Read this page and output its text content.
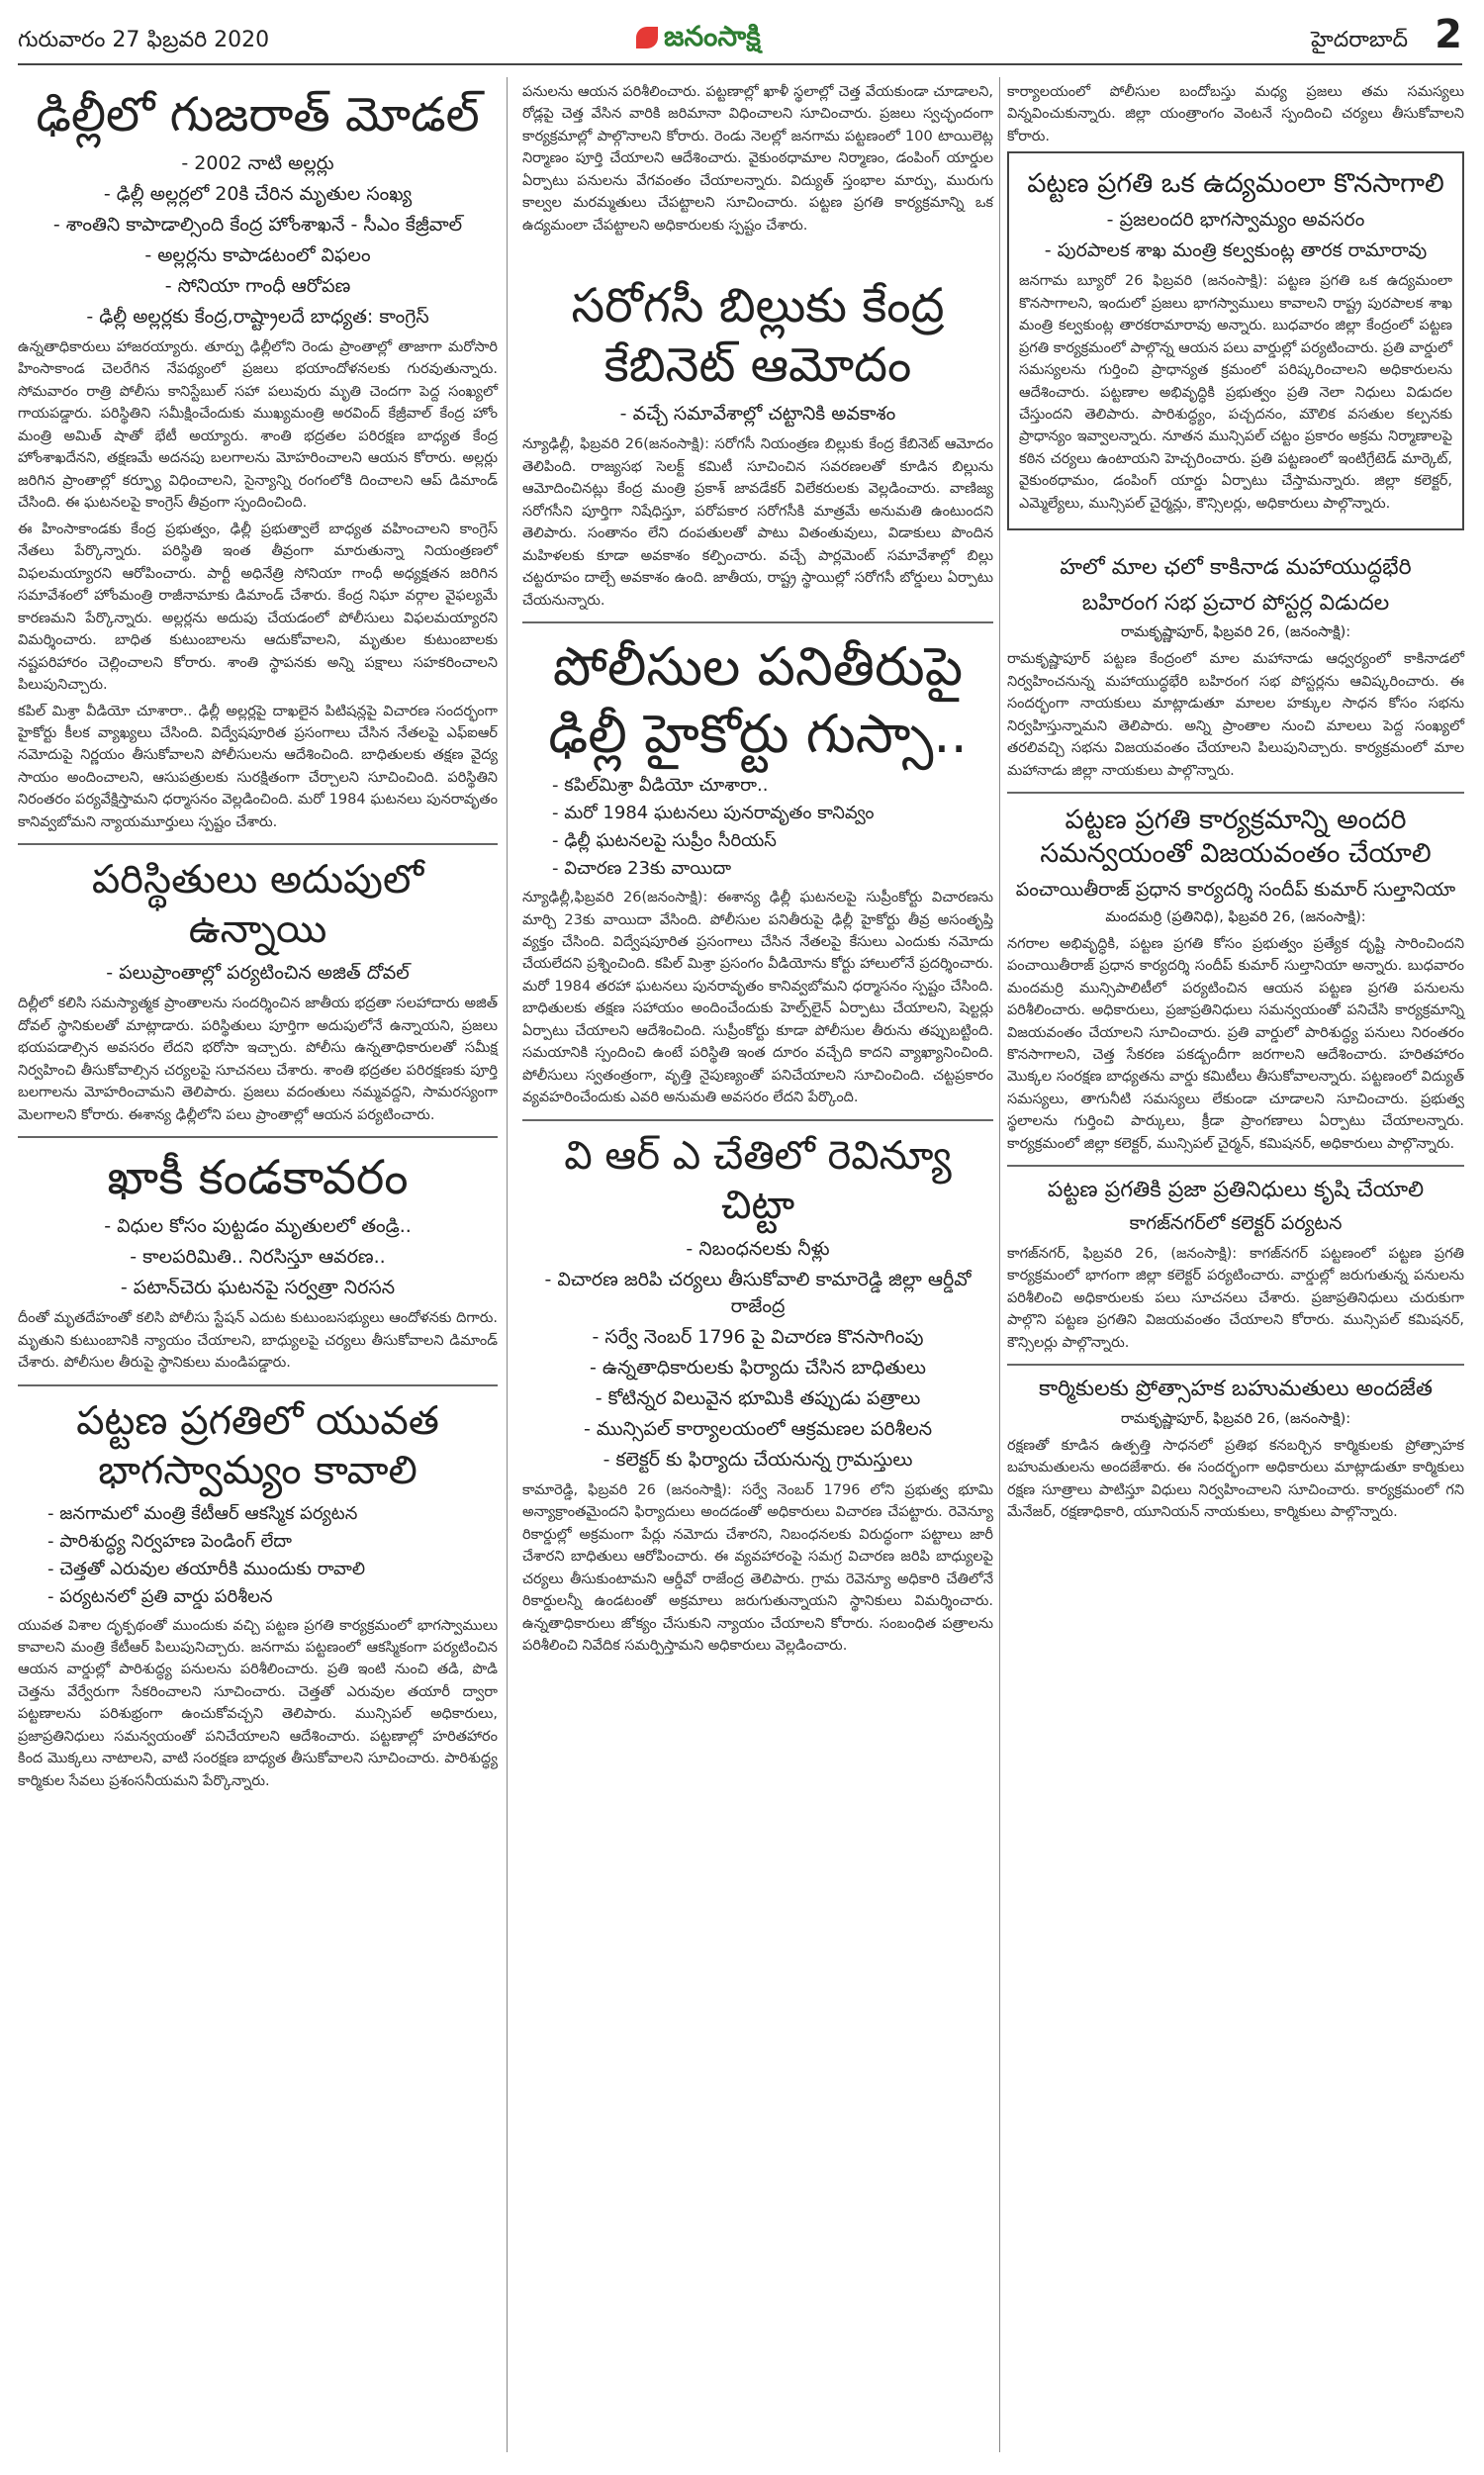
గురువారం 27 ఫిబ్రవరి 2020	జనంసాక్షి	హైదరాబాద్ 2
ఢిల్లీలో గుజరాత్ మోడల్
- 2002 నాటి అల్లర్లు
- ఢిల్లీ అల్లర్లలో 20కి చేరిన మృతుల సంఖ్య
- శాంతిని కాపాడాల్సింది కేంద్ర హోంశాఖనే - సీఎం కేజ్రీవాల్
- అల్లర్లను కాపాడటంలో విఫలం
- సోనియా గాంధీ ఆరోపణ
- ఢిల్లీ అల్లర్లకు కేంద్ర,రాష్ట్రాలదే బాధ్యత: కాంగ్రెస్

ఉన్నతాధికారులు హాజరయ్యారు. తూర్పు ఢిల్లీలోని రెండు ప్రాంతాల్లో తాజాగా మరోసారి హింసాకాండ చెలరేగిన నేపథ్యంలో ప్రజలు భయాందోళనలకు గురవుతున్నారు. సోమవారం రాత్రి పోలీసు కానిస్టేబుల్ సహా పలువురు మృతి చెందగా పెద్ద సంఖ్యలో గాయపడ్డారు. పరిస్థితిని సమీక్షించేందుకు ముఖ్యమంత్రి అరవింద్ కేజ్రీవాల్ కేంద్ర హోం మంత్రి అమిత్ షాతో భేటీ అయ్యారు. శాంతి భద్రతల పరిరక్షణ బాధ్యత కేంద్ర హోంశాఖదేనని, తక్షణమే అదనపు బలగాలను మోహరించాలని ఆయన కోరారు. అల్లర్లు జరిగిన ప్రాంతాల్లో కర్ఫ్యూ విధించాలని, సైన్యాన్ని రంగంలోకి దించాలని ఆప్ డిమాండ్ చేసింది. ఈ ఘటనలపై కాంగ్రెస్ తీవ్రంగా స్పందించింది.

ఈ హింసాకాండకు కేంద్ర ప్రభుత్వం, ఢిల్లీ ప్రభుత్వాలే బాధ్యత వహించాలని కాంగ్రెస్ నేతలు పేర్కొన్నారు. పరిస్థితి ఇంత తీవ్రంగా మారుతున్నా నియంత్రణలో విఫలమయ్యారని ఆరోపించారు. పార్టీ అధినేత్రి సోనియా గాంధీ అధ్యక్షతన జరిగిన సమావేశంలో హోంమంత్రి రాజీనామాకు డిమాండ్ చేశారు. కేంద్ర నిఘా వర్గాల వైఫల్యమే కారణమని పేర్కొన్నారు. అల్లర్లను అదుపు చేయడంలో పోలీసులు విఫలమయ్యారని విమర్శించారు. బాధిత కుటుంబాలను ఆదుకోవాలని, మృతుల కుటుంబాలకు నష్టపరిహారం చెల్లించాలని కోరారు. శాంతి స్థాపనకు అన్ని పక్షాలు సహకరించాలని పిలుపునిచ్చారు.

కపిల్ మిశ్రా వీడియో చూశారా.. ఢిల్లీ అల్లర్లపై దాఖలైన పిటిషన్లపై విచారణ సందర్భంగా హైకోర్టు కీలక వ్యాఖ్యలు చేసింది. విద్వేషపూరిత ప్రసంగాలు చేసిన నేతలపై ఎఫ్ఐఆర్ నమోదుపై నిర్ణయం తీసుకోవాలని పోలీసులను ఆదేశించింది. బాధితులకు తక్షణ వైద్య సాయం అందించాలని, ఆసుపత్రులకు సురక్షితంగా చేర్చాలని సూచించింది. పరిస్థితిని నిరంతరం పర్యవేక్షిస్తామని ధర్మాసనం వెల్లడించింది. మరో 1984 ఘటనలు పునరావృతం కానివ్వబోమని న్యాయమూర్తులు స్పష్టం చేశారు.

పరిస్థితులు అదుపులో ఉన్నాయి
- పలుప్రాంతాల్లో పర్యటించిన అజిత్ దోవల్

దిల్లీలో కలిసి సమస్యాత్మక ప్రాంతాలను సందర్శించిన జాతీయ భద్రతా సలహాదారు అజిత్ దోవల్ స్థానికులతో మాట్లాడారు. పరిస్థితులు పూర్తిగా అదుపులోనే ఉన్నాయని, ప్రజలు భయపడాల్సిన అవసరం లేదని భరోసా ఇచ్చారు. పోలీసు ఉన్నతాధికారులతో సమీక్ష నిర్వహించి తీసుకోవాల్సిన చర్యలపై సూచనలు చేశారు. శాంతి భద్రతల పరిరక్షణకు పూర్తి బలగాలను మోహరించామని తెలిపారు. ప్రజలు వదంతులు నమ్మవద్దని, సామరస్యంగా మెలగాలని కోరారు. ఈశాన్య ఢిల్లీలోని పలు ప్రాంతాల్లో ఆయన పర్యటించారు.

ఖాకీ కండకావరం
- విధుల కోసం పుట్టడం మృతులలో తండ్రి..
- కాలపరిమితి.. నిరసిస్తూ ఆవరణ..
- పటాన్‌చెరు ఘటనపై సర్వత్రా నిరసన

దీంతో మృతదేహంతో కలిసి పోలీసు స్టేషన్ ఎదుట కుటుంబసభ్యులు ఆందోళనకు దిగారు. మృతుని కుటుంబానికి న్యాయం చేయాలని, బాధ్యులపై చర్యలు తీసుకోవాలని డిమాండ్ చేశారు. పోలీసుల తీరుపై స్థానికులు మండిపడ్డారు.

పట్టణ ప్రగతిలో యువత భాగస్వామ్యం కావాలి
- జనగామలో మంత్రి కేటీఆర్ ఆకస్మిక పర్యటన
- పారిశుద్ధ్య నిర్వహణ పెండింగ్ లేదా
- చెత్తతో ఎరువుల తయారీకి ముందుకు రావాలి
- పర్యటనలో ప్రతి వార్డు పరిశీలన

యువత విశాల దృక్పథంతో ముందుకు వచ్చి పట్టణ ప్రగతి కార్యక్రమంలో భాగస్వాములు కావాలని మంత్రి కేటీఆర్ పిలుపునిచ్చారు. జనగామ పట్టణంలో ఆకస్మికంగా పర్యటించిన ఆయన వార్డుల్లో పారిశుద్ధ్య పనులను పరిశీలించారు. ప్రతి ఇంటి నుంచి తడి, పొడి చెత్తను వేర్వేరుగా సేకరించాలని సూచించారు. చెత్తతో ఎరువుల తయారీ ద్వారా పట్టణాలను పరిశుభ్రంగా ఉంచుకోవచ్చని తెలిపారు. మున్సిపల్ అధికారులు, ప్రజాప్రతినిధులు సమన్వయంతో పనిచేయాలని ఆదేశించారు. పట్టణాల్లో హరితహారం కింద మొక్కలు నాటాలని, వాటి సంరక్షణ బాధ్యత తీసుకోవాలని సూచించారు. పారిశుద్ధ్య కార్మికుల సేవలు ప్రశంసనీయమని పేర్కొన్నారు.

పనులను ఆయన పరిశీలించారు. పట్టణాల్లో ఖాళీ స్థలాల్లో చెత్త వేయకుండా చూడాలని, రోడ్లపై చెత్త వేసిన వారికి జరిమానా విధించాలని సూచించారు. ప్రజలు స్వచ్ఛందంగా కార్యక్రమాల్లో పాల్గొనాలని కోరారు. రెండు నెలల్లో జనగామ పట్టణంలో 100 టాయిలెట్ల నిర్మాణం పూర్తి చేయాలని ఆదేశించారు. వైకుంఠధామాల నిర్మాణం, డంపింగ్ యార్డుల ఏర్పాటు పనులను వేగవంతం చేయాలన్నారు. విద్యుత్ స్తంభాల మార్పు, మురుగు కాల్వల మరమ్మతులు చేపట్టాలని సూచించారు. పట్టణ ప్రగతి కార్యక్రమాన్ని ఒక ఉద్యమంలా చేపట్టాలని అధికారులకు స్పష్టం చేశారు.

సరోగసీ బిల్లుకు కేంద్ర కేబినెట్ ఆమోదం
- వచ్చే సమావేశాల్లో చట్టానికి అవకాశం

న్యూఢిల్లీ, ఫిబ్రవరి 26(జనంసాక్షి): సరోగసీ నియంత్రణ బిల్లుకు కేంద్ర కేబినెట్ ఆమోదం తెలిపింది. రాజ్యసభ సెలక్ట్ కమిటీ సూచించిన సవరణలతో కూడిన బిల్లును ఆమోదించినట్లు కేంద్ర మంత్రి ప్రకాశ్ జావడేకర్ విలేకరులకు వెల్లడించారు. వాణిజ్య సరోగసీని పూర్తిగా నిషేధిస్తూ, పరోపకార సరోగసీకి మాత్రమే అనుమతి ఉంటుందని తెలిపారు. సంతానం లేని దంపతులతో పాటు వితంతువులు, విడాకులు పొందిన మహిళలకు కూడా అవకాశం కల్పించారు. వచ్చే పార్లమెంట్ సమావేశాల్లో బిల్లు చట్టరూపం దాల్చే అవకాశం ఉంది. జాతీయ, రాష్ట్ర స్థాయిల్లో సరోగసీ బోర్డులు ఏర్పాటు చేయనున్నారు.

పోలీసుల పనితీరుపై ఢిల్లీ హైకోర్టు గుస్సా..
- కపిల్‌మిశ్రా వీడియో చూశారా..
- మరో 1984 ఘటనలు పునరావృతం కానివ్వం
- ఢిల్లీ ఘటనలపై సుప్రీం సీరియస్
- విచారణ 23కు వాయిదా

న్యూఢిల్లీ,ఫిబ్రవరి 26(జనంసాక్షి): ఈశాన్య ఢిల్లీ ఘటనలపై సుప్రీంకోర్టు విచారణను మార్చి 23కు వాయిదా వేసింది. పోలీసుల పనితీరుపై ఢిల్లీ హైకోర్టు తీవ్ర అసంతృప్తి వ్యక్తం చేసింది. విద్వేషపూరిత ప్రసంగాలు చేసిన నేతలపై కేసులు ఎందుకు నమోదు చేయలేదని ప్రశ్నించింది. కపిల్ మిశ్రా ప్రసంగం వీడియోను కోర్టు హాలులోనే ప్రదర్శించారు. మరో 1984 తరహా ఘటనలు పునరావృతం కానివ్వబోమని ధర్మాసనం స్పష్టం చేసింది. బాధితులకు తక్షణ సహాయం అందించేందుకు హెల్ప్‌లైన్ ఏర్పాటు చేయాలని, షెల్టర్లు ఏర్పాటు చేయాలని ఆదేశించింది. సుప్రీంకోర్టు కూడా పోలీసుల తీరును తప్పుబట్టింది. సమయానికి స్పందించి ఉంటే పరిస్థితి ఇంత దూరం వచ్చేది కాదని వ్యాఖ్యానించింది. పోలీసులు స్వతంత్రంగా, వృత్తి నైపుణ్యంతో పనిచేయాలని సూచించింది. చట్టప్రకారం వ్యవహరించేందుకు ఎవరి అనుమతి అవసరం లేదని పేర్కొంది.

వి ఆర్ ఎ చేతిలో రెవిన్యూ చిట్టా
- నిబంధనలకు నీళ్లు
- విచారణ జరిపి చర్యలు తీసుకోవాలి కామారెడ్డి జిల్లా ఆర్డీవో రాజేంద్ర
- సర్వే నెంబర్ 1796 పై విచారణ కొనసాగింపు
- ఉన్నతాధికారులకు ఫిర్యాదు చేసిన బాధితులు
- కోటిన్నర విలువైన భూమికి తప్పుడు పత్రాలు
- మున్సిపల్ కార్యాలయంలో ఆక్రమణల పరిశీలన
- కలెక్టర్ కు ఫిర్యాదు చేయనున్న గ్రామస్తులు

కామారెడ్డి, ఫిబ్రవరి 26 (జనంసాక్షి): సర్వే నెంబర్ 1796 లోని ప్రభుత్వ భూమి అన్యాక్రాంతమైందని ఫిర్యాదులు అందడంతో అధికారులు విచారణ చేపట్టారు. రెవెన్యూ రికార్డుల్లో అక్రమంగా పేర్లు నమోదు చేశారని, నిబంధనలకు విరుద్ధంగా పట్టాలు జారీ చేశారని బాధితులు ఆరోపించారు. ఈ వ్యవహారంపై సమగ్ర విచారణ జరిపి బాధ్యులపై చర్యలు తీసుకుంటామని ఆర్డీవో రాజేంద్ర తెలిపారు. గ్రామ రెవెన్యూ అధికారి చేతిలోనే రికార్డులన్నీ ఉండటంతో అక్రమాలు జరుగుతున్నాయని స్థానికులు విమర్శించారు. ఉన్నతాధికారులు జోక్యం చేసుకుని న్యాయం చేయాలని కోరారు. సంబంధిత పత్రాలను పరిశీలించి నివేదిక సమర్పిస్తామని అధికారులు వెల్లడించారు.

కార్యాలయంలో పోలీసుల బందోబస్తు మధ్య ప్రజలు తమ సమస్యలు విన్నవించుకున్నారు. జిల్లా యంత్రాంగం వెంటనే స్పందించి చర్యలు తీసుకోవాలని కోరారు.

పట్టణ ప్రగతి ఒక ఉద్యమంలా కొనసాగాలి
- ప్రజలందరి భాగస్వామ్యం అవసరం
- పురపాలక శాఖ మంత్రి కల్వకుంట్ల తారక రామారావు

జనగామ బ్యూరో 26 ఫిబ్రవరి (జనంసాక్షి): పట్టణ ప్రగతి ఒక ఉద్యమంలా కొనసాగాలని, ఇందులో ప్రజలు భాగస్వాములు కావాలని రాష్ట్ర పురపాలక శాఖ మంత్రి కల్వకుంట్ల తారకరామారావు అన్నారు. బుధవారం జిల్లా కేంద్రంలో పట్టణ ప్రగతి కార్యక్రమంలో పాల్గొన్న ఆయన పలు వార్డుల్లో పర్యటించారు. ప్రతి వార్డులో సమస్యలను గుర్తించి ప్రాధాన్యత క్రమంలో పరిష్కరించాలని అధికారులను ఆదేశించారు. పట్టణాల అభివృద్ధికి ప్రభుత్వం ప్రతి నెలా నిధులు విడుదల చేస్తుందని తెలిపారు. పారిశుద్ధ్యం, పచ్చదనం, మౌలిక వసతుల కల్పనకు ప్రాధాన్యం ఇవ్వాలన్నారు. నూతన మున్సిపల్ చట్టం ప్రకారం అక్రమ నిర్మాణాలపై కఠిన చర్యలు ఉంటాయని హెచ్చరించారు. ప్రతి పట్టణంలో ఇంటిగ్రేటెడ్ మార్కెట్, వైకుంఠధామం, డంపింగ్ యార్డు ఏర్పాటు చేస్తామన్నారు. జిల్లా కలెక్టర్, ఎమ్మెల్యేలు, మున్సిపల్ చైర్మన్లు, కౌన్సిలర్లు, అధికారులు పాల్గొన్నారు.

హలో మాల ఛలో కాకినాడ మహాయుద్ధభేరి
బహిరంగ సభ ప్రచార పోస్టర్ల విడుదల
రామకృష్ణాపూర్, ఫిబ్రవరి 26, (జనంసాక్షి):

రామకృష్ణాపూర్ పట్టణ కేంద్రంలో మాల మహానాడు ఆధ్వర్యంలో కాకినాడలో నిర్వహించనున్న మహాయుద్ధభేరి బహిరంగ సభ పోస్టర్లను ఆవిష్కరించారు. ఈ సందర్భంగా నాయకులు మాట్లాడుతూ మాలల హక్కుల సాధన కోసం సభను నిర్వహిస్తున్నామని తెలిపారు. అన్ని ప్రాంతాల నుంచి మాలలు పెద్ద సంఖ్యలో తరలివచ్చి సభను విజయవంతం చేయాలని పిలుపునిచ్చారు. కార్యక్రమంలో మాల మహానాడు జిల్లా నాయకులు పాల్గొన్నారు.

పట్టణ ప్రగతి కార్యక్రమాన్ని అందరి సమన్వయంతో విజయవంతం చేయాలి
పంచాయితీరాజ్ ప్రధాన కార్యదర్శి సందీప్ కుమార్ సుల్తానియా
మందమర్రి (ప్రతినిధి), ఫిబ్రవరి 26, (జనంసాక్షి):

నగరాల అభివృద్ధికి, పట్టణ ప్రగతి కోసం ప్రభుత్వం ప్రత్యేక దృష్టి సారించిందని పంచాయితీరాజ్ ప్రధాన కార్యదర్శి సందీప్ కుమార్ సుల్తానియా అన్నారు. బుధవారం మందమర్రి మున్సిపాలిటీలో పర్యటించిన ఆయన పట్టణ ప్రగతి పనులను పరిశీలించారు. అధికారులు, ప్రజాప్రతినిధులు సమన్వయంతో పనిచేసి కార్యక్రమాన్ని విజయవంతం చేయాలని సూచించారు. ప్రతి వార్డులో పారిశుద్ధ్య పనులు నిరంతరం కొనసాగాలని, చెత్త సేకరణ పకడ్బందీగా జరగాలని ఆదేశించారు. హరితహారం మొక్కల సంరక్షణ బాధ్యతను వార్డు కమిటీలు తీసుకోవాలన్నారు. పట్టణంలో విద్యుత్ సమస్యలు, తాగునీటి సమస్యలు లేకుండా చూడాలని సూచించారు. ప్రభుత్వ స్థలాలను గుర్తించి పార్కులు, క్రీడా ప్రాంగణాలు ఏర్పాటు చేయాలన్నారు. కార్యక్రమంలో జిల్లా కలెక్టర్, మున్సిపల్ చైర్మన్, కమిషనర్, అధికారులు పాల్గొన్నారు.

పట్టణ ప్రగతికి ప్రజా ప్రతినిధులు కృషి చేయాలి
కాగజ్‌నగర్‌లో కలెక్టర్ పర్యటన

కాగజ్‌నగర్, ఫిబ్రవరి 26, (జనంసాక్షి): కాగజ్‌నగర్ పట్టణంలో పట్టణ ప్రగతి కార్యక్రమంలో భాగంగా జిల్లా కలెక్టర్ పర్యటించారు. వార్డుల్లో జరుగుతున్న పనులను పరిశీలించి అధికారులకు పలు సూచనలు చేశారు. ప్రజాప్రతినిధులు చురుకుగా పాల్గొని పట్టణ ప్రగతిని విజయవంతం చేయాలని కోరారు. మున్సిపల్ కమిషనర్, కౌన్సిలర్లు పాల్గొన్నారు.

కార్మికులకు ప్రోత్సాహక బహుమతులు అందజేత
రామకృష్ణాపూర్, ఫిబ్రవరి 26, (జనంసాక్షి):

రక్షణతో కూడిన ఉత్పత్తి సాధనలో ప్రతిభ కనబర్చిన కార్మికులకు ప్రోత్సాహక బహుమతులను అందజేశారు. ఈ సందర్భంగా అధికారులు మాట్లాడుతూ కార్మికులు రక్షణ సూత్రాలు పాటిస్తూ విధులు నిర్వహించాలని సూచించారు. కార్యక్రమంలో గని మేనేజర్, రక్షణాధికారి, యూనియన్ నాయకులు, కార్మికులు పాల్గొన్నారు.
